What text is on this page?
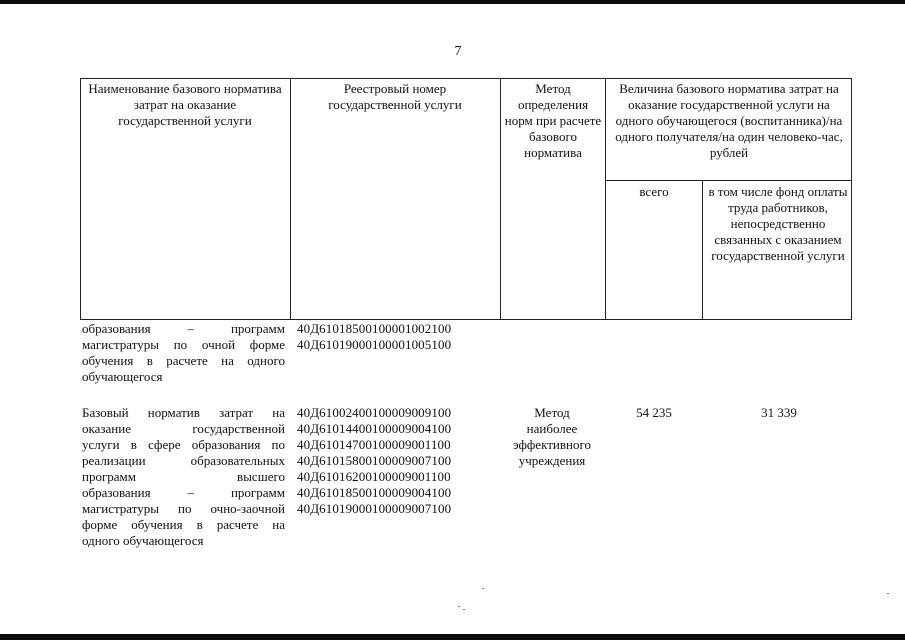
7
Наименование базового норматива затрат на оказание государственной услуги
Реестровый номер государственной услуги
Метод определения норм при расчете базового норматива
Величина базового норматива затрат на оказание государственной услуги на одного обучающегося (воспитанника)/на одного получателя/на один человеко-час, рублей
всего	в том числе фонд оплаты труда работников, непосредственно связанных с оказанием государственной услуги
образования – программ
магистратуры по очной форме
обучения в расчете на одного
обучающегося
40Д61018500100001002100
40Д61019000100001005100
Базовый норматив затрат на
оказание государственной
услуги в сфере образования по
реализации образовательных
программ высшего
образования – программ
магистратуры по очно-заочной
форме обучения в расчете на
одного обучающегося
40Д61002400100009009100
40Д61014400100009004100
40Д61014700100009001100
40Д61015800100009007100
40Д61016200100009001100
40Д61018500100009004100
40Д61019000100009007100
Метод
наиболее
эффективного
учреждения
54 235	31 339
